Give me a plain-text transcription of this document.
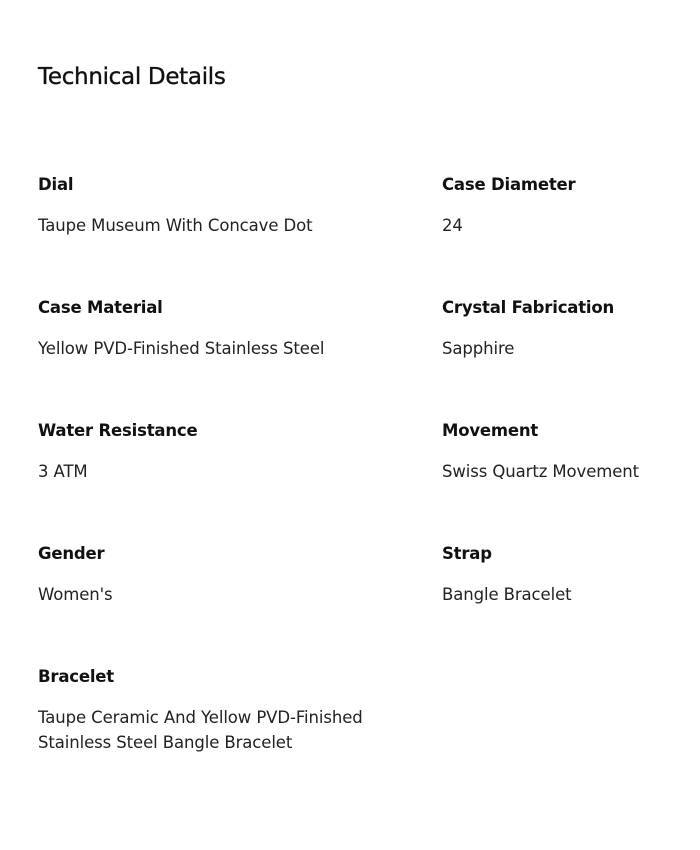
Technical Details
Dial
Taupe Museum With Concave Dot
Case Diameter
24
Case Material
Yellow PVD-Finished Stainless Steel
Crystal Fabrication
Sapphire
Water Resistance
3 ATM
Movement
Swiss Quartz Movement
Gender
Women's
Strap
Bangle Bracelet
Bracelet
Taupe Ceramic And Yellow PVD-Finished Stainless Steel Bangle Bracelet
